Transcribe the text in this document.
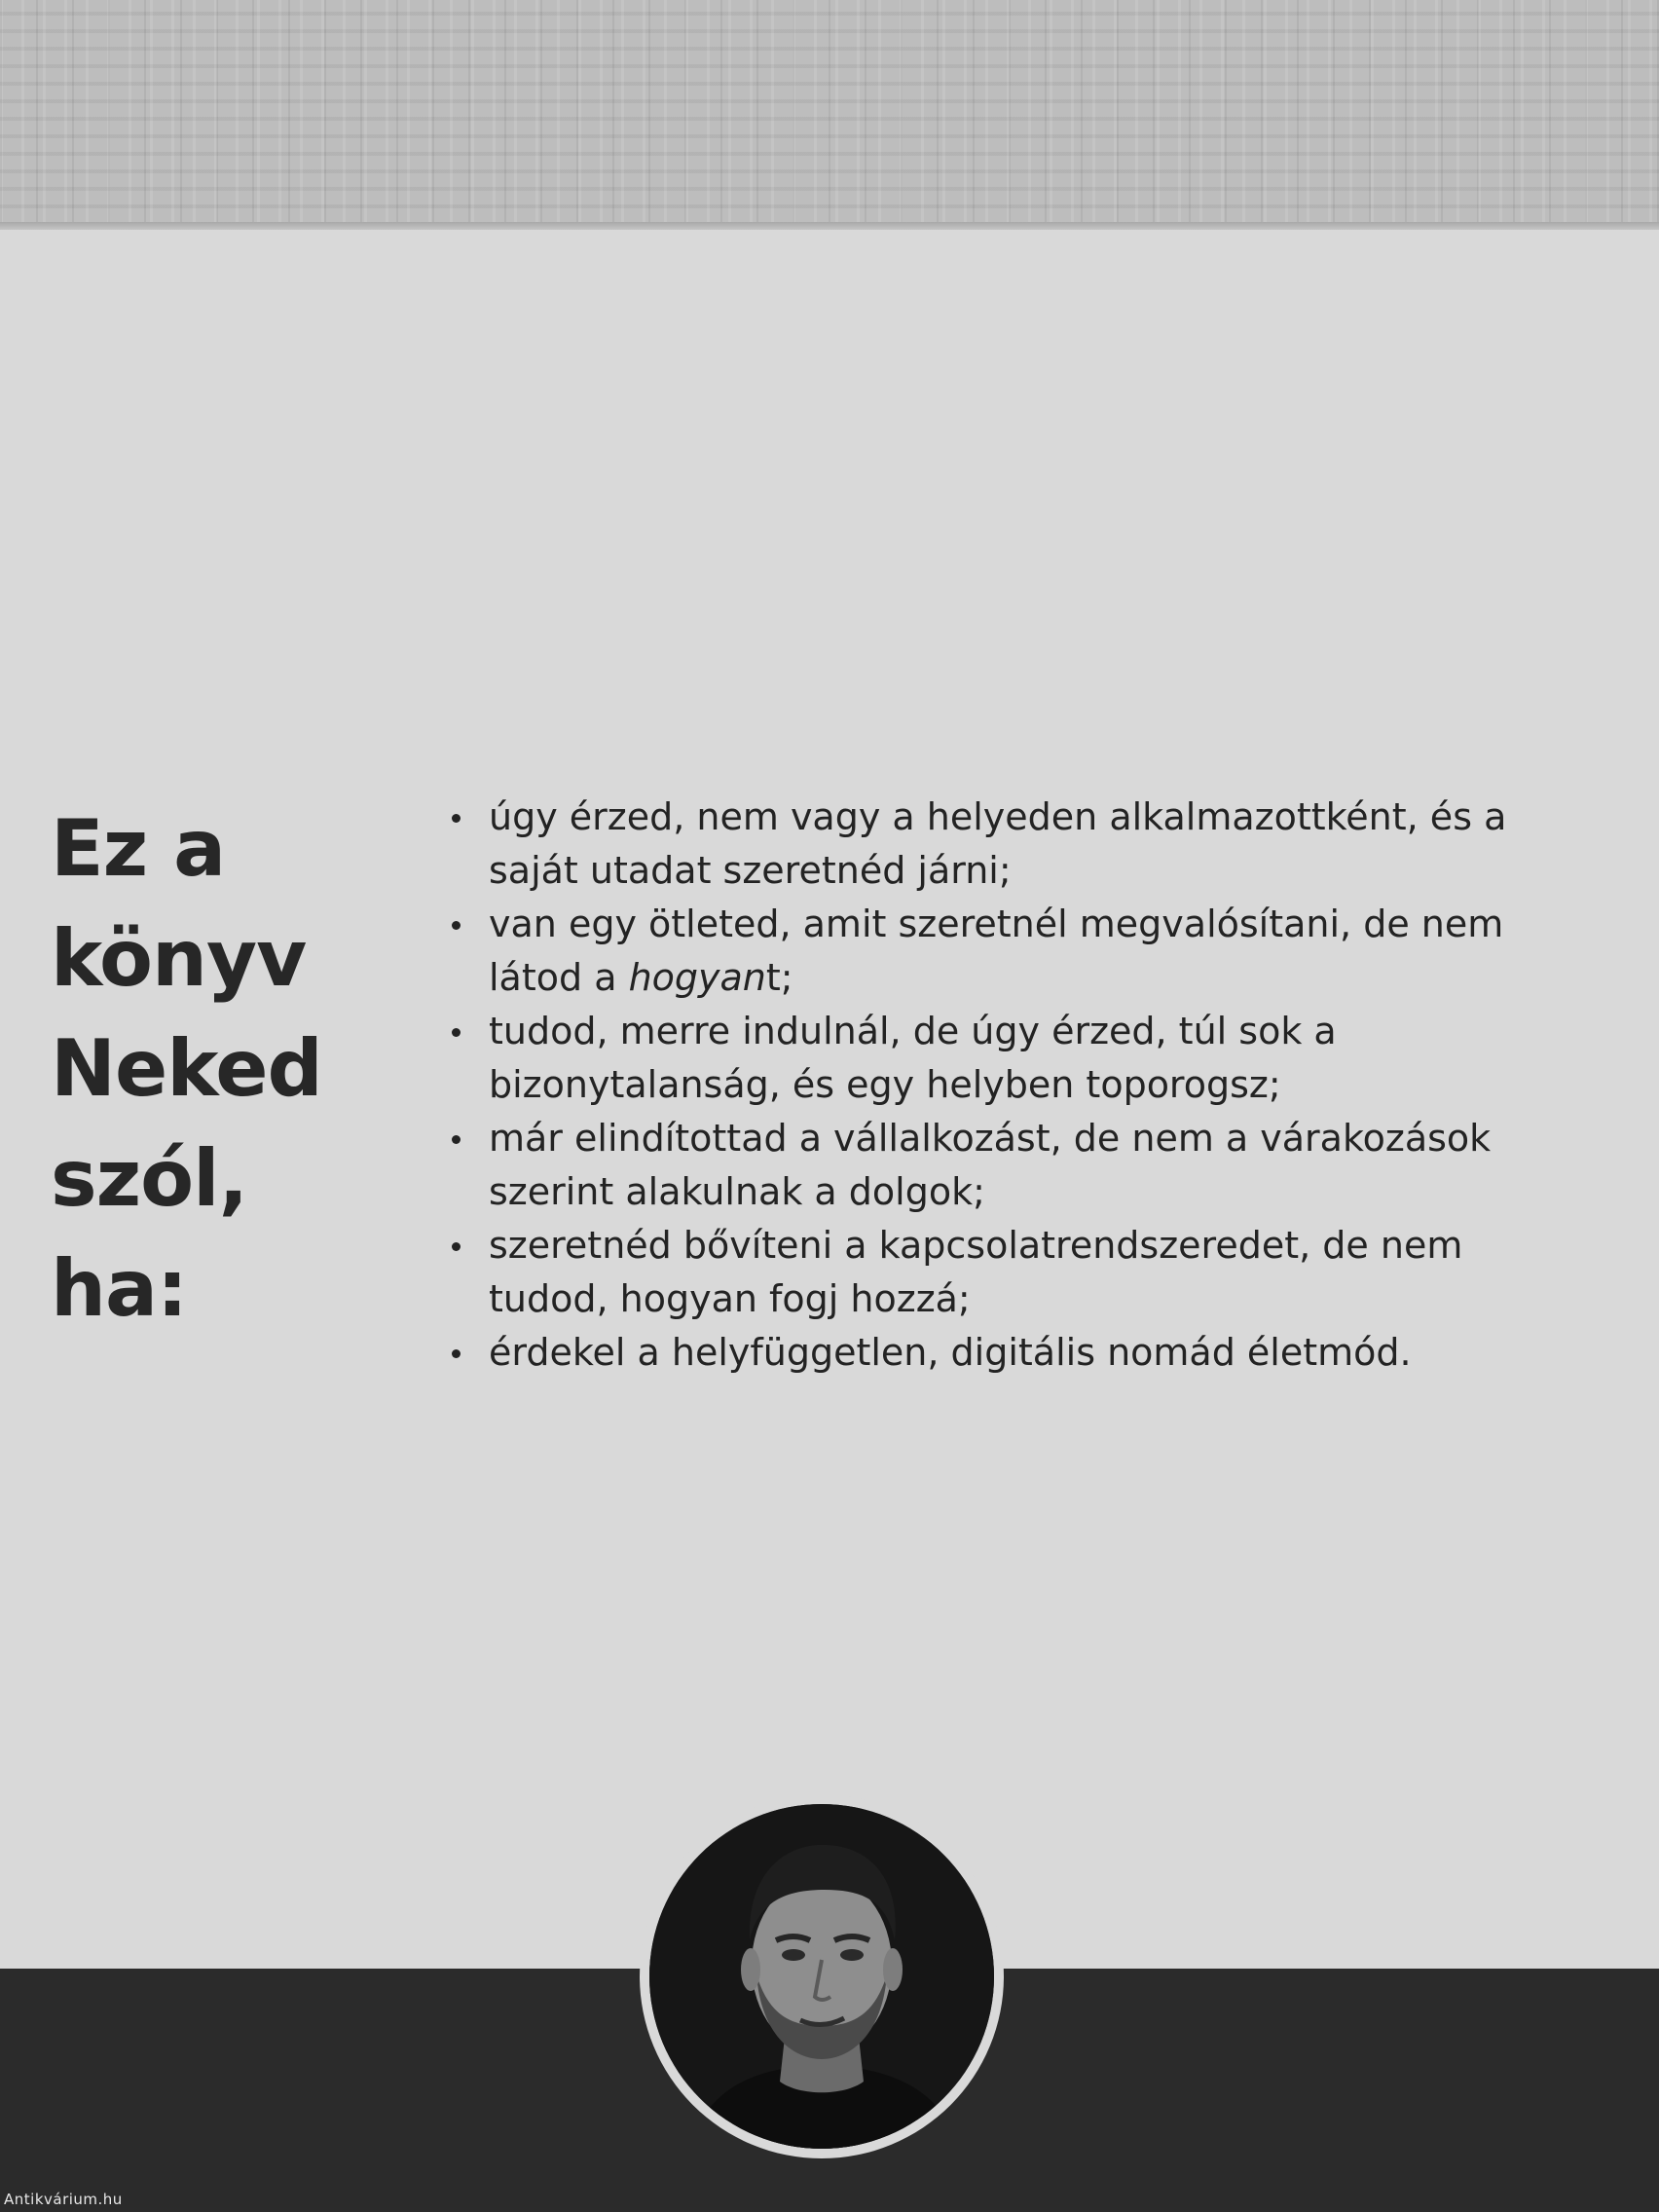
Ez a
könyv
Neked
szól,
ha:
úgy érzed, nem vagy a helyeden alkalmazottként, és a
saját utadat szeretnéd járni;
van egy ötleted, amit szeretnél megvalósítani, de nem
látod a hogyant;
tudod, merre indulnál, de úgy érzed, túl sok a
bizonytalanság, és egy helyben toporogsz;
már elindítottad a vállalkozást, de nem a várakozások
szerint alakulnak a dolgok;
szeretnéd bővíteni a kapcsolatrendszeredet, de nem
tudod, hogyan fogj hozzá;
érdekel a helyfüggetlen, digitális nomád életmód.
Antikvárium.hu
